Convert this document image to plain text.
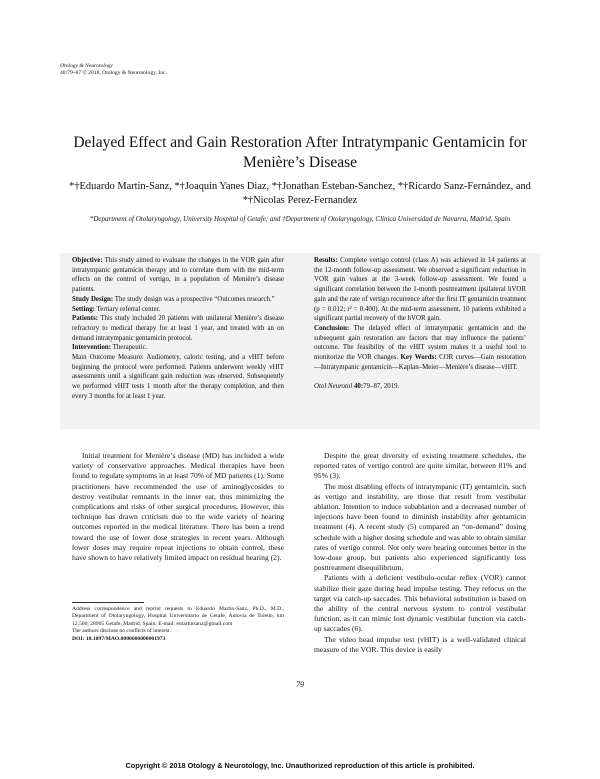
Otology & Neurotology
40:79–87 © 2018, Otology & Neurotology, Inc.
Delayed Effect and Gain Restoration After Intratympanic Gentamicin for Menière’s Disease
*†Eduardo Martin-Sanz, *†Joaquin Yanes Diaz, *†Jonathan Esteban-Sanchez, *†Ricardo Sanz-Fernández, and *†Nicolas Perez-Fernandez
*Department of Otolaryngology, University Hospital of Getafe; and †Department of Otolaryngology, Clínica Universidad de Navarra, Madrid, Spain

Objective: This study aimed to evaluate the changes in the VOR gain after intratympanic gentamicin therapy and to correlate them with the mid-term effects on the control of vertigo, in a population of Menière’s disease patients.

Study Design: The study design was a prospective “Outcomes research.”

Setting: Tertiary referral center.

Patients: This study included 20 patients with unilateral Menière’s disease refractory to medical therapy for at least 1 year, and treated with an on demand intratympanic gentamicin protocol.

Intervention: Therapeutic.

Main Outcome Measure: Audiometry, caloric testing, and a vHIT before beginning the protocol were performed. Patients underwent weekly vHIT assessments until a significant gain reduction was observed. Subsequently we performed vHIT tests 1 month after the therapy completion, and then every 3 months for at least 1 year.

Results: Complete vertigo control (class A) was achieved in 14 patients at the 12-month follow-up assessment. We observed a significant reduction in VOR gain values at the 3-week follow-up assessment. We found a significant correlation between the 1-month posttreatment ipsilateral hVOR gain and the rate of vertigo recurrence after the first IT gentamicin treatment (p = 0.012; r² = 0.400). At the mid-term assessment, 10 patients exhibited a significant partial recovery of the hVOR gain.

Conclusion: The delayed effect of intratympanic gentamicin and the subsequent gain restoration are factors that may influence the patients’ outcome. The feasibility of the vHIT system makes it a useful tool to monitorize the VOR changes. Key Words: COR curves—Gain restoration—Intratympanic gentamicin—Kaplan–Meier—Menière’s disease—vHIT.

Otol Neurotol 40:79–87, 2019.

Initial treatment for Menière’s disease (MD) has included a wide variety of conservative approaches. Medical therapies have been found to regulate symptoms in at least 70% of MD patients (1). Some practitioners have recommended the use of aminoglycosides to destroy vestibular remnants in the inner ear, thus minimizing the complications and risks of other surgical procedures. However, this technique has drawn criticism due to the wide variety of hearing outcomes reported in the medical literature. There has been a trend toward the use of lower dose strategies in recent years. Although lower doses may require repeat injections to obtain control, these have shown to have relatively limited impact on residual hearing (2).

Despite the great diversity of existing treatment schedules, the reported rates of vertigo control are quite similar, between 81% and 95% (3).

The most disabling effects of intratympanic (IT) gentamicin, such as vertigo and instability, are those that result from vestibular ablation. Intention to induce subablation and a decreased number of injections have been found to diminish instability after gentamicin treatment (4). A recent study (5) compared an “on-demand” dosing schedule with a higher dosing schedule and was able to obtain similar rates of vertigo control. Not only were hearing outcomes better in the low-dose group, but patients also experienced significantly less posttreatment disequilibrium.

Patients with a deficient vestibulo-ocular reflex (VOR) cannot stabilize their gaze during head impulse testing. They refocus on the target via catch-up saccades. This behavioral substitution is based on the ability of the central nervous system to control vestibular function, as it can mimic lost dynamic vestibular function via catch-up saccades (6).

The video head impulse test (vHIT) is a well-validated clinical measure of the VOR. This device is easily

Address correspondence and reprint requests to Eduardo Martin-Sanz, Ph.D., M.D., Department of Otolaryngology, Hospital Universitario de Getafe, Autovia de Toledo, km 12,500, 28905 Getafe, Madrid, Spain; E-mail: emartinsanz@gmail.com

The authors disclose no conflicts of interest.

DOI: 10.1097/MAO.0000000000001973

79
Copyright © 2018 Otology & Neurotology, Inc. Unauthorized reproduction of this article is prohibited.
